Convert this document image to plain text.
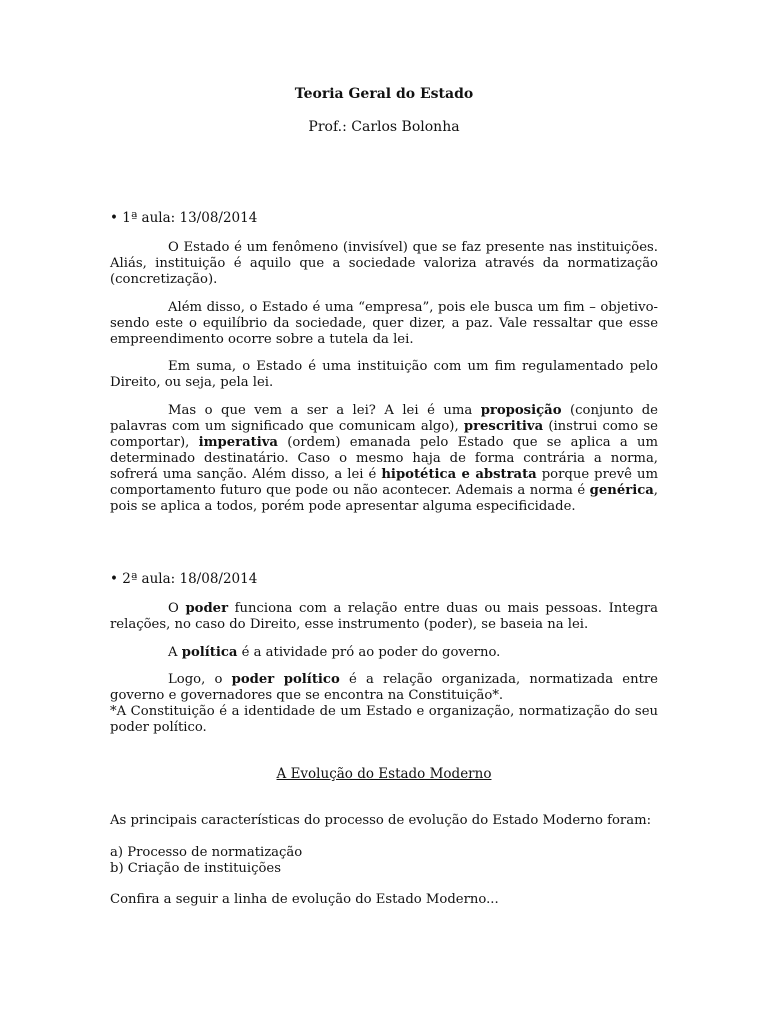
Teoria Geral do Estado
Prof.: Carlos Bolonha
• 1ª aula: 13/08/2014

O Estado é um fenômeno (invisível) que se faz presente nas instituições. Aliás, instituição é aquilo que a sociedade valoriza através da normatização (concretização).

Além disso, o Estado é uma “empresa”, pois ele busca um fim – objetivo- sendo este o equilíbrio da sociedade, quer dizer, a paz. Vale ressaltar que esse empreendimento ocorre sobre a tutela da lei.

Em suma, o Estado é uma instituição com um fim regulamentado pelo Direito, ou seja, pela lei.

Mas o que vem a ser a lei? A lei é uma proposição (conjunto de palavras com um significado que comunicam algo), prescritiva (instrui como se comportar), imperativa (ordem) emanada pelo Estado que se aplica a um determinado destinatário. Caso o mesmo haja de forma contrária a norma, sofrerá uma sanção. Além disso, a lei é hipotética e abstrata porque prevê um comportamento futuro que pode ou não acontecer. Ademais a norma é genérica, pois se aplica a todos, porém pode apresentar alguma especificidade.

• 2ª aula: 18/08/2014

O poder funciona com a relação entre duas ou mais pessoas. Integra relações, no caso do Direito, esse instrumento (poder), se baseia na lei.

A política é a atividade pró ao poder do governo.

Logo, o poder político é a relação organizada, normatizada entre governo e governadores que se encontra na Constituição*.

*A Constituição é a identidade de um Estado e organização, normatização do seu poder político.

A Evolução do Estado Moderno
As principais características do processo de evolução do Estado Moderno foram:
a) Processo de normatização
b) Criação de instituições
Confira a seguir a linha de evolução do Estado Moderno...
